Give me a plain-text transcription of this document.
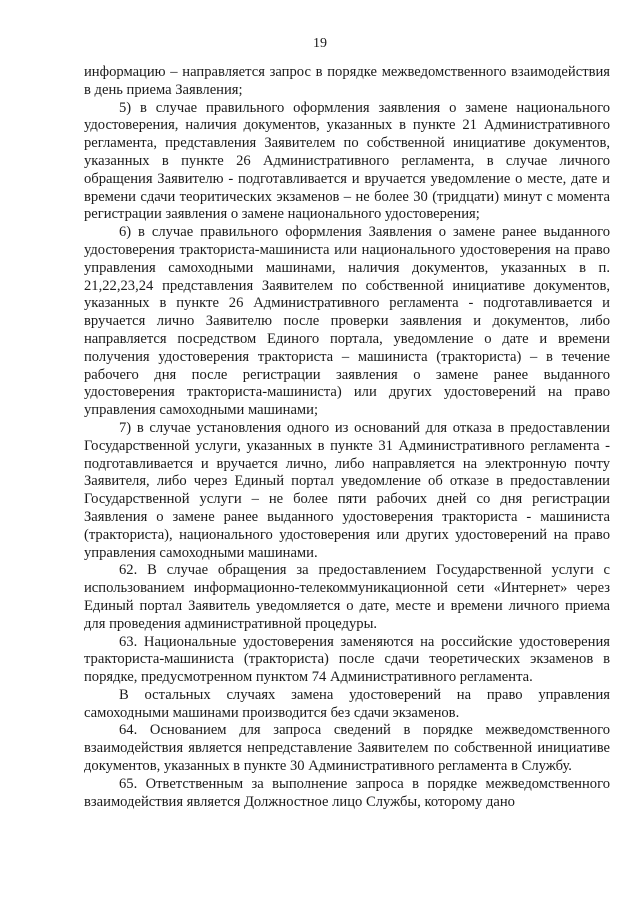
19

информацию – направляется запрос в порядке межведомственного взаимодействия в день приема Заявления;

5) в случае правильного оформления заявления о замене национального удостоверения, наличия документов, указанных в пункте 21 Административного регламента, представления Заявителем по собственной инициативе документов, указанных в пункте 26 Административного регламента, в случае личного обращения Заявителю - подготавливается и вручается уведомление о месте, дате и времени сдачи теоритических экзаменов – не более 30 (тридцати) минут с момента регистрации заявления о замене национального удостоверения;

6) в случае правильного оформления Заявления о замене ранее выданного удостоверения тракториста-машиниста или национального удостоверения на право управления самоходными машинами, наличия документов, указанных в п. 21,22,23,24 представления Заявителем по собственной инициативе документов, указанных в пункте 26 Административного регламента - подготавливается и вручается лично Заявителю после проверки заявления и документов, либо направляется посредством Единого портала, уведомление о дате и времени получения удостоверения тракториста – машиниста (тракториста) – в течение рабочего дня после регистрации заявления о замене ранее выданного удостоверения тракториста-машиниста) или других удостоверений на право управления самоходными машинами;

7) в случае установления одного из оснований для отказа в предоставлении Государственной услуги, указанных в пункте 31 Административного регламента - подготавливается и вручается лично, либо направляется на электронную почту Заявителя, либо через Единый портал уведомление об отказе в предоставлении Государственной услуги – не более пяти рабочих дней со дня регистрации Заявления о замене ранее выданного удостоверения тракториста - машиниста (тракториста), национального удостоверения или других удостоверений на право управления самоходными машинами.

62. В случае обращения за предоставлением Государственной услуги с использованием информационно-телекоммуникационной сети «Интернет» через Единый портал Заявитель уведомляется о дате, месте и времени личного приема для проведения административной процедуры.

63. Национальные удостоверения заменяются на российские удостоверения тракториста-машиниста (тракториста) после сдачи теоретических экзаменов в порядке, предусмотренном пунктом 74 Административного регламента.

В остальных случаях замена удостоверений на право управления самоходными машинами производится без сдачи экзаменов.

64. Основанием для запроса сведений в порядке межведомственного взаимодействия является непредставление Заявителем по собственной инициативе документов, указанных в пункте 30 Административного регламента в Службу.

65. Ответственным за выполнение запроса в порядке межведомственного взаимодействия является Должностное лицо Службы, которому дано
